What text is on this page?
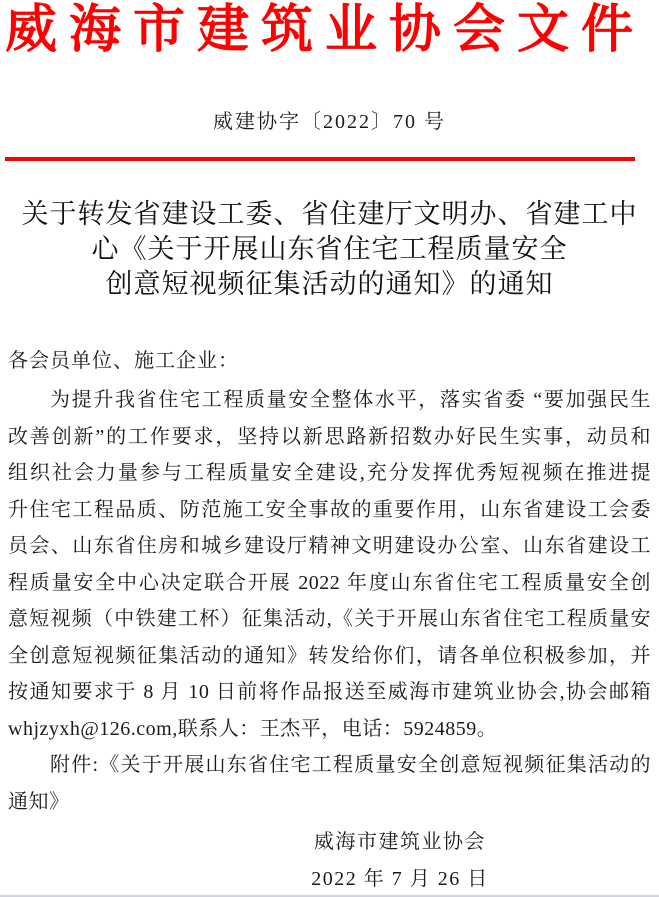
威海市建筑业协会文件
威建协字〔2022〕70 号
关于转发省建设工委、省住建厅文明办、省建工中
心《关于开展山东省住宅工程质量安全
创意短视频征集活动的通知》的通知
各会员单位、施工企业：
为提升我省住宅工程质量安全整体水平，落实省委 “要加强民生
改善创新”的工作要求，坚持以新思路新招数办好民生实事，动员和
组织社会力量参与工程质量安全建设,充分发挥优秀短视频在推进提
升住宅工程品质、防范施工安全事故的重要作用，山东省建设工会委
员会、山东省住房和城乡建设厅精神文明建设办公室、山东省建设工
程质量安全中心决定联合开展 2022 年度山东省住宅工程质量安全创
意短视频（中铁建工杯）征集活动,《关于开展山东省住宅工程质量安
全创意短视频征集活动的通知》转发给你们，请各单位积极参加，并
按通知要求于 8 月 10 日前将作品报送至威海市建筑业协会,协会邮箱
whjzyxh@126.com,联系人：王杰平，电话：5924859。
附件:《关于开展山东省住宅工程质量安全创意短视频征集活动的
通知》
威海市建筑业协会
2022 年 7 月 26 日
